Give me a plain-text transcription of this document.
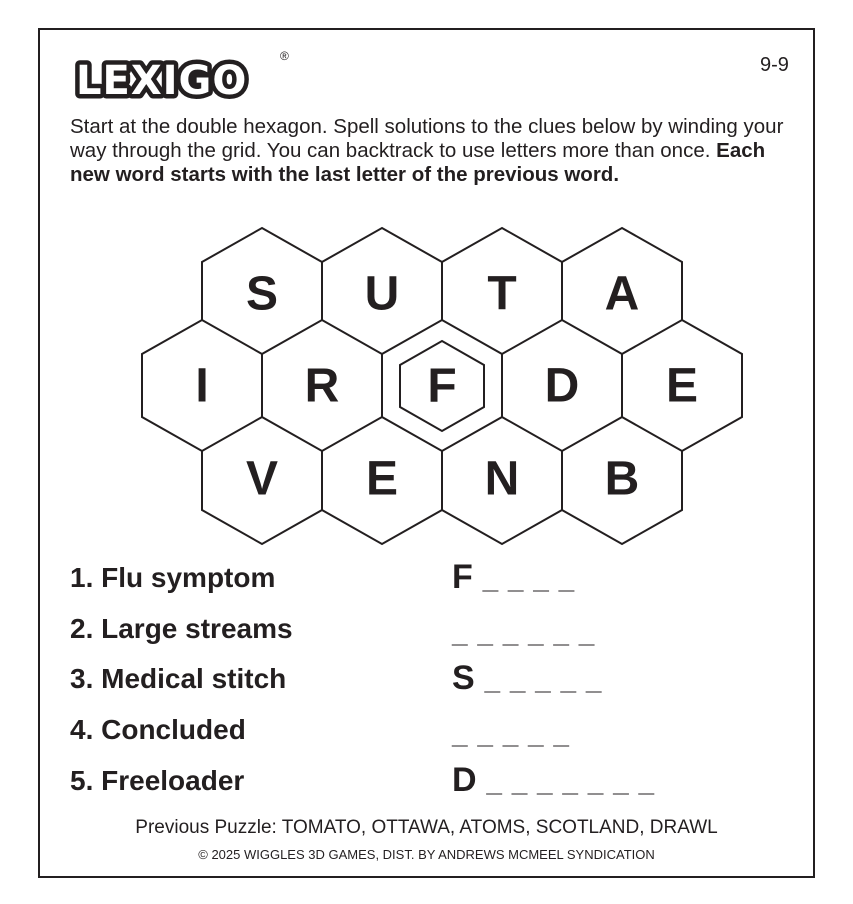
LEXIGO
®	9-9

Start at the double hexagon. Spell solutions to the clues below by winding your way through the grid. You can backtrack to use letters more than once. Each new word starts with the last letter of the previous word.

S U T A
V E N B
I R F D E
1. Flu symptom	F _ _ _ _
2. Large streams	_ _ _ _ _ _
3. Medical stitch	S _ _ _ _ _
4. Concluded	_ _ _ _ _
5. Freeloader	D _ _ _ _ _ _ _
Previous Puzzle: TOMATO, OTTAWA, ATOMS, SCOTLAND, DRAWL
© 2025 WIGGLES 3D GAMES, DIST. BY ANDREWS MCMEEL SYNDICATION
